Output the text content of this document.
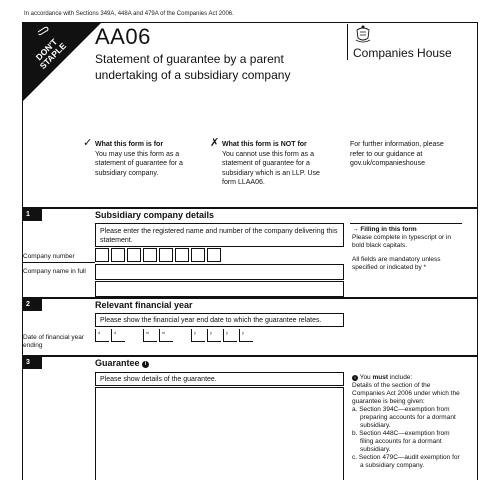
In accordance with Sections 349A, 448A and 479A of the Companies Act 2006.
DON'T STAPLE
AA06
Statement of guarantee by a parent undertaking of a subsidiary company
Companies House
✓ What this form is for
You may use this form as a statement of guarantee for a subsidiary company.
✗ What this form is NOT for
You cannot use this form as a statement of guarantee for a subsidiary which is an LLP. Use form LLAA06.
For further information, please refer to our guidance at gov.uk/companieshouse
1	Subsidiary company details
Please enter the registered name and number of the company delivering this statement.
Company number
Company name in full
→ Filling in this form
Please complete in typescript or in bold black capitals.
All fields are mandatory unless specified or indicated by *
2	Relevant financial year
Please show the financial year end date to which the guarantee relates.
Date of financial year ending
d	d	m	m	y	y	y	y
3	Guarantee i
Please show details of the guarantee.	i You must include:
Details of the section of the Companies Act 2006 under which the guarantee is being given:
a. Section 394C—exemption from preparing accounts for a dormant subsidiary.
b. Section 448C—exemption from filing accounts for a dormant subsidiary.
c. Section 479C—audit exemption for a subsidiary company.
